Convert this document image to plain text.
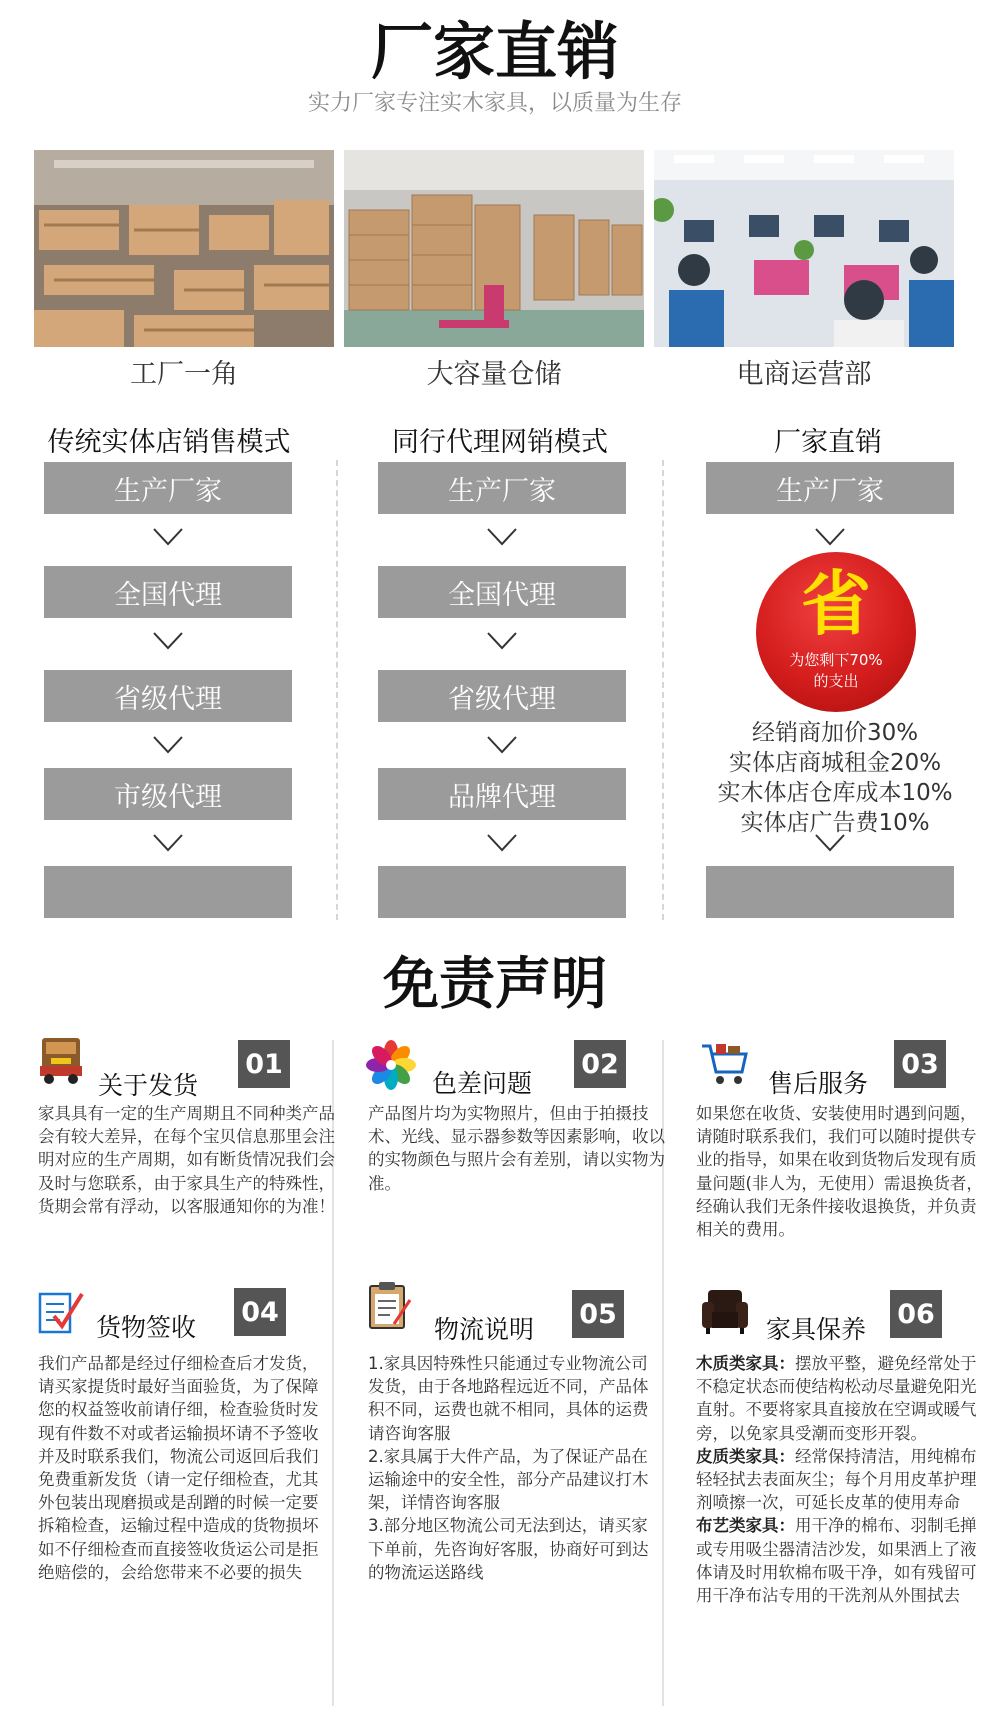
厂家直销
实力厂家专注实木家具，以质量为生存
工厂一角	大容量仓储	电商运营部
传统实体店销售模式	同行代理网销模式	厂家直销
生产厂家
全国代理
省级代理
市级代理
生产厂家
全国代理
省级代理
品牌代理
生产厂家
省
为您剩下70%
的支出
经销商加价30%
实体店商城租金20%
实木体店仓库成本10%
实体店广告费10%
免责声明
关于发货
01
家具具有一定的生产周期且不同种类产品会有较大差异，在每个宝贝信息那里会注明对应的生产周期，如有断货情况我们会及时与您联系，由于家具生产的特殊性，货期会常有浮动，以客服通知你的为准！
色差问题
02
产品图片均为实物照片，但由于拍摄技术、光线、显示器参数等因素影响，收以的实物颜色与照片会有差别，请以实物为准。
售后服务
03
如果您在收货、安装使用时遇到问题，请随时联系我们，我们可以随时提供专业的指导，如果在收到货物后发现有质量问题(非人为，无使用）需退换货者，经确认我们无条件接收退换货，并负责相关的费用。
货物签收 04
我们产品都是经过仔细检查后才发货，请买家提货时最好当面验货，为了保障您的权益签收前请仔细，检查验货时发现有件数不对或者运输损坏请不予签收并及时联系我们，物流公司返回后我们免费重新发货（请一定仔细检查，尤其外包装出现磨损或是刮蹭的时候一定要拆箱检查，运输过程中造成的货物损坏如不仔细检查而直接签收货运公司是拒绝赔偿的，会给您带来不必要的损失
物流说明 05
1.家具因特殊性只能通过专业物流公司发货，由于各地路程远近不同，产品体积不同，运费也就不相同，具体的运费请咨询客服
2.家具属于大件产品，为了保证产品在运输途中的安全性，部分产品建议打木架，详情咨询客服
3.部分地区物流公司无法到达，请买家下单前，先咨询好客服，协商好可到达的物流运送路线
家具保养 06
木质类家具：摆放平整，避免经常处于不稳定状态而使结构松动尽量避免阳光直射。不要将家具直接放在空调或暖气旁，以免家具受潮而变形开裂。
皮质类家具：经常保持清洁，用纯棉布轻轻拭去表面灰尘；每个月用皮革护理剂喷擦一次，可延长皮革的使用寿命
布艺类家具：用干净的棉布、羽制毛掸或专用吸尘器清洁沙发，如果洒上了液体请及时用软棉布吸干净，如有残留可用干净布沾专用的干洗剂从外围拭去
